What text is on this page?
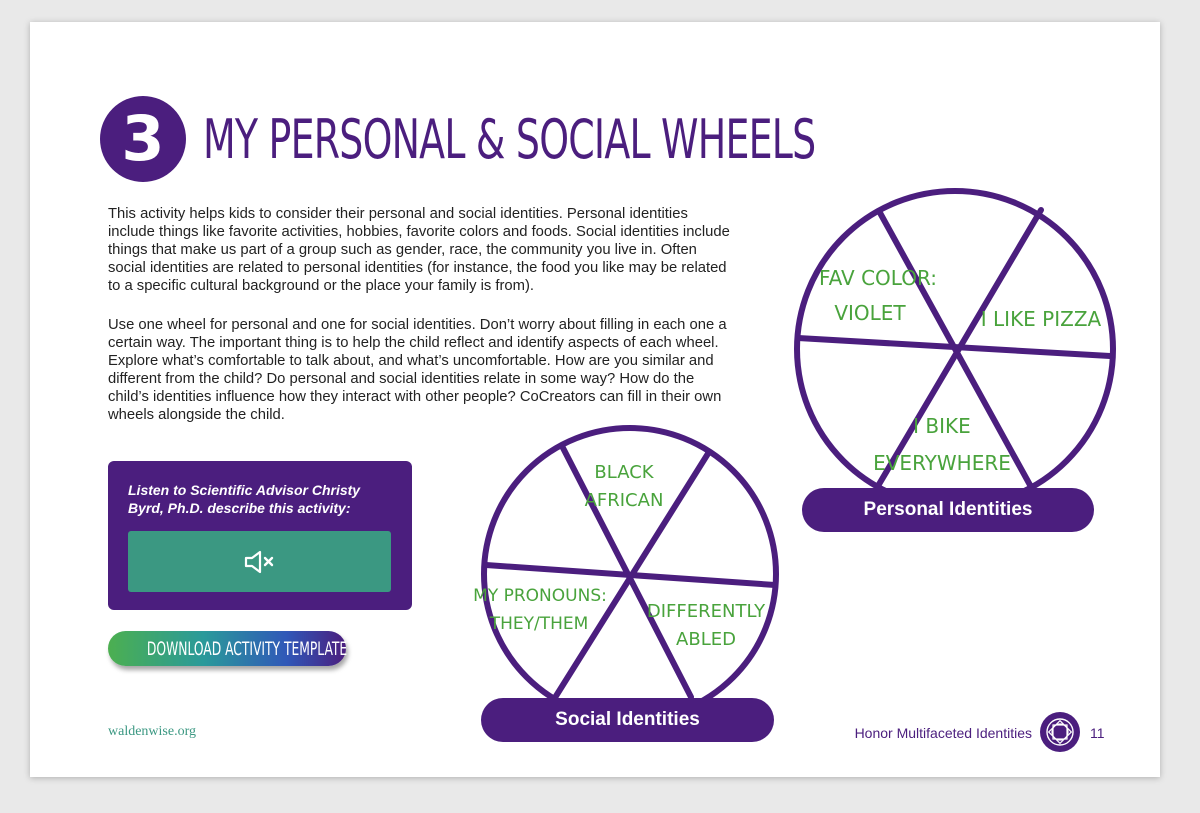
3 MY PERSONAL & SOCIAL WHEELS

This activity helps kids to consider their personal and social identities. Personal identities include things like favorite activities, hobbies, favorite colors and foods. Social identities include things that make us part of a group such as gender, race, the community you live in. Often social identities are related to personal identities (for instance, the food you like may be related to a specific cultural background or the place your family is from).

Use one wheel for personal and one for social identities. Don’t worry about filling in each one a certain way. The important thing is to help the child reflect and identify aspects of each wheel. Explore what’s comfortable to talk about, and what’s uncomfortable. How are you similar and different from the child? Do personal and social identities relate in some way? How do the child’s identities influence how they interact with other people? CoCreators can fill in their own wheels alongside the child.

Listen to Scientific Advisor Christy Byrd, Ph.D. describe this activity:
DOWNLOAD ACTIVITY TEMPLATE
FAV COLOR:
VIOLET	I LIKE PIZZA
I BIKE
EVERYWHERE
Personal Identities
BLACK
AFRICAN
MY PRONOUNS:
THEY/THEM
DIFFERENTLY
ABLED
Social Identities
waldenwise.org	Honor Multifaceted Identities	11
